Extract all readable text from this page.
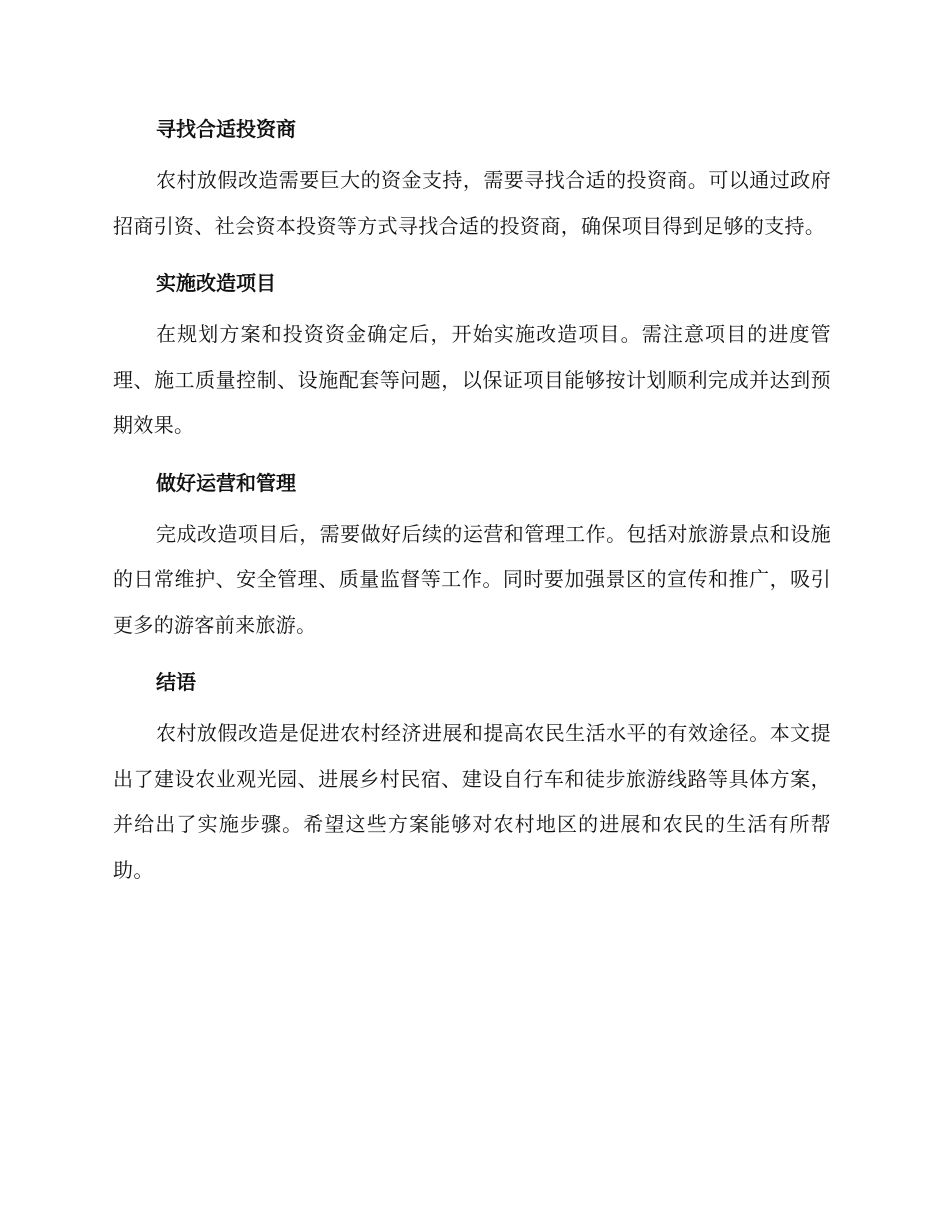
寻找合适投资商

农村放假改造需要巨大的资金支持，需要寻找合适的投资商。可以通过政府招商引资、社会资本投资等方式寻找合适的投资商，确保项目得到足够的支持。

实施改造项目

在规划方案和投资资金确定后，开始实施改造项目。需注意项目的进度管理、施工质量控制、设施配套等问题，以保证项目能够按计划顺利完成并达到预期效果。

做好运营和管理

完成改造项目后，需要做好后续的运营和管理工作。包括对旅游景点和设施的日常维护、安全管理、质量监督等工作。同时要加强景区的宣传和推广，吸引更多的游客前来旅游。

结语

农村放假改造是促进农村经济进展和提高农民生活水平的有效途径。本文提出了建设农业观光园、进展乡村民宿、建设自行车和徒步旅游线路等具体方案，并给出了实施步骤。希望这些方案能够对农村地区的进展和农民的生活有所帮助。
